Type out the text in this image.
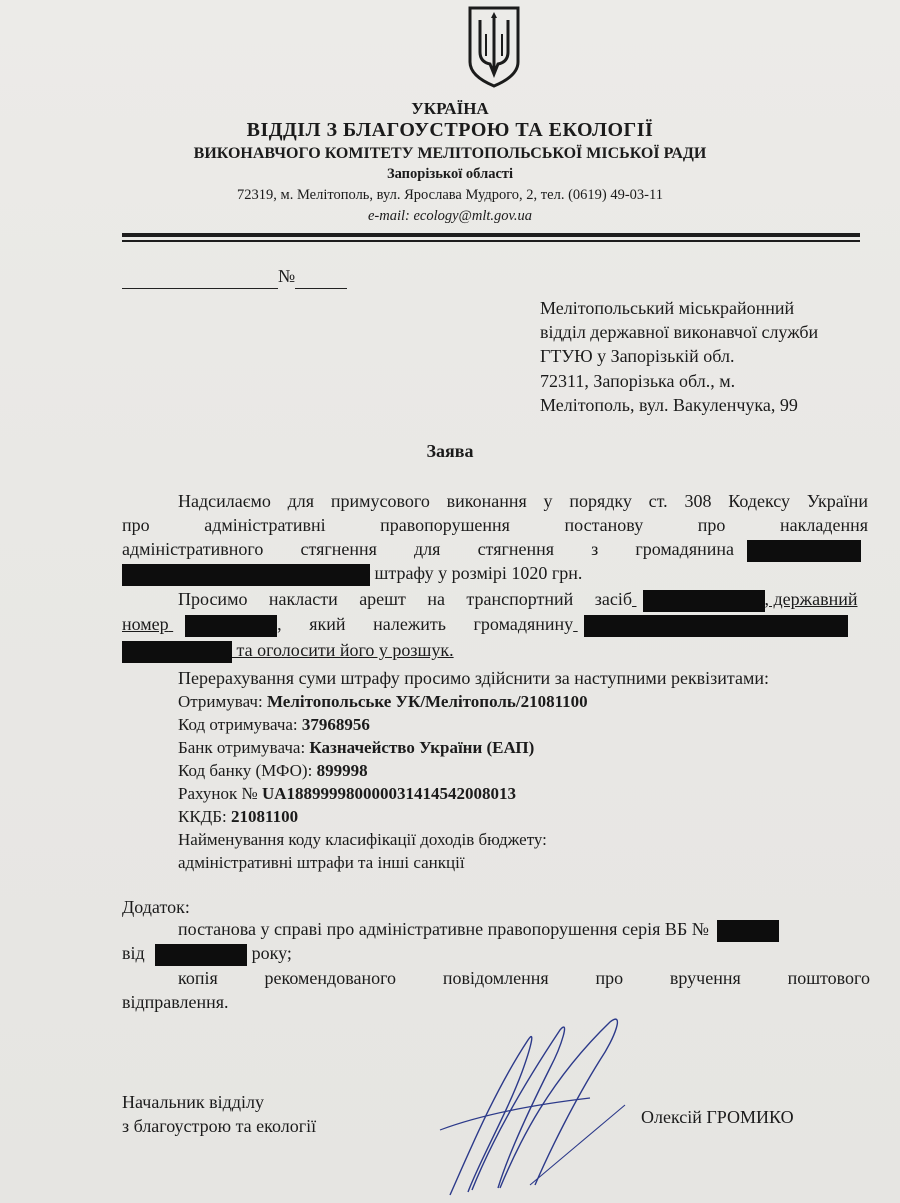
УКРАЇНА
ВІДДІЛ З БЛАГОУСТРОЮ ТА ЕКОЛОГІЇ
ВИКОНАВЧОГО КОМІТЕТУ МЕЛІТОПОЛЬСЬКОЇ МІСЬКОЇ РАДИ
Запорізької області
72319, м. Мелітополь, вул. Ярослава Мудрого, 2, тел. (0619) 49-03-11
e-mail: ecology@mlt.gov.ua
№
Мелітопольський міськрайонний
відділ державної виконавчої служби
ГТУЮ у Запорізькій обл.
72311, Запорізька обл., м.
Мелітополь, вул. Вакуленчука, 99
Заява
Надсилаємо для примусового виконання у порядку ст. 308 Кодексу України
про адміністративні правопорушення постанову про накладення
адміністративного стягнення для стягнення з громадянина
штрафу у розмірі 1020 грн.
Просимо накласти арешт на транспортний засіб	, державний
номер	, який належить громадянину
та оголосити його у розшук.
Перерахування суми штрафу просимо здійснити за наступними реквізитами:
Отримувач: Мелітопольське УК/Мелітополь/21081100
Код отримувача: 37968956
Банк отримувача: Казначейство України (ЕАП)
Код банку (МФО): 899998
Рахунок № UA188999980000031414542008013
ККДБ: 21081100
Найменування коду класифікації доходів бюджету:
адміністративні штрафи та інші санкції
Додаток:
постанова у справі про адміністративне правопорушення серія ВБ №
від	року;
копія рекомендованого повідомлення про вручення поштового
відправлення.
Начальник відділу
з благоустрою та екології	Олексій ГРОМИКО
